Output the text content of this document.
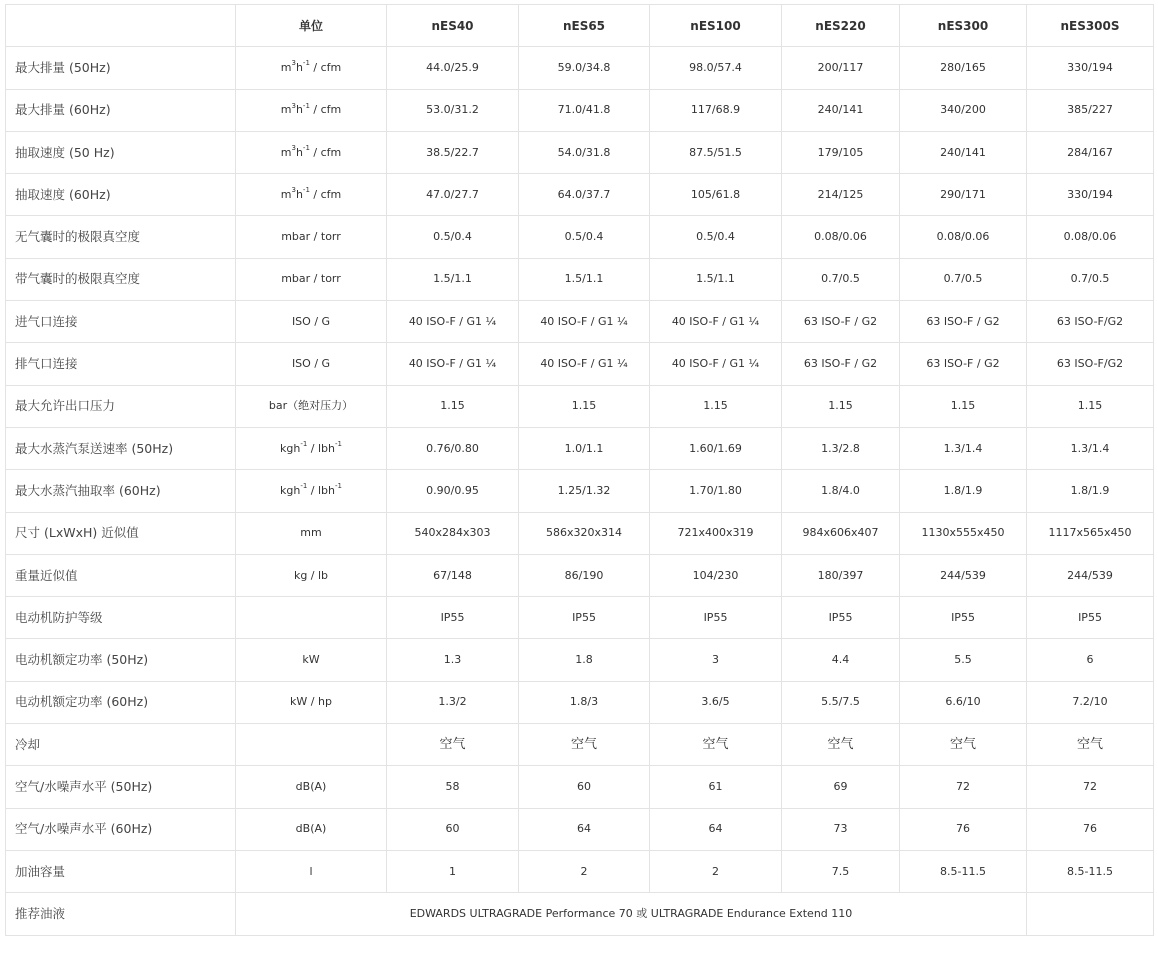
	单位	nES40	nES65	nES100	nES220	nES300	nES300S
最大排量 (50Hz)	$m^3h^{-1}$ / cfm	44.0/25.9	59.0/34.8	98.0/57.4	200/117	280/165	330/194
最大排量 (60Hz)	$m^3h^{-1}$ / cfm	53.0/31.2	71.0/41.8	117/68.9	240/141	340/200	385/227
抽取速度 (50 Hz)	$m^3h^{-1}$ / cfm	38.5/22.7	54.0/31.8	87.5/51.5	179/105	240/141	284/167
抽取速度 (60Hz)	$m^3h^{-1}$ / cfm	47.0/27.7	64.0/37.7	105/61.8	214/125	290/171	330/194
无气囊时的极限真空度	mbar / torr	0.5/0.4	0.5/0.4	0.5/0.4	0.08/0.06	0.08/0.06	0.08/0.06
带气囊时的极限真空度	mbar / torr	1.5/1.1	1.5/1.1	1.5/1.1	0.7/0.5	0.7/0.5	0.7/0.5
进气口连接	ISO / G	40 ISO-F / G1 ¼	40 ISO-F / G1 ¼	40 ISO-F / G1 ¼	63 ISO-F / G2	63 ISO-F / G2	63 ISO-F/G2
排气口连接	ISO / G	40 ISO-F / G1 ¼	40 ISO-F / G1 ¼	40 ISO-F / G1 ¼	63 ISO-F / G2	63 ISO-F / G2	63 ISO-F/G2
最大允许出口压力	bar（绝对压力）	1.15	1.15	1.15	1.15	1.15	1.15
最大水蒸汽泵送速率 (50Hz)	kgh$^{-1}$ / lbh$^{-1}$	0.76/0.80	1.0/1.1	1.60/1.69	1.3/2.8	1.3/1.4	1.3/1.4
最大水蒸汽抽取率 (60Hz)	kgh$^{-1}$ / lbh$^{-1}$	0.90/0.95	1.25/1.32	1.70/1.80	1.8/4.0	1.8/1.9	1.8/1.9
尺寸 (LxWxH) 近似值	mm	540x284x303	586x320x314	721x400x319	984x606x407	1130x555x450	1117x565x450
重量近似值	kg / lb	67/148	86/190	104/230	180/397	244/539	244/539
电动机防护等级		IP55	IP55	IP55	IP55	IP55	IP55
电动机额定功率 (50Hz)	kW	1.3	1.8	3	4.4	5.5	6
电动机额定功率 (60Hz)	kW / hp	1.3/2	1.8/3	3.6/5	5.5/7.5	6.6/10	7.2/10
冷却		空气	空气	空气	空气	空气	空气
空气/水噪声水平 (50Hz)	dB(A)	58	60	61	69	72	72
空气/水噪声水平 (60Hz)	dB(A)	60	64	64	73	76	76
加油容量	l	1	2	2	7.5	8.5-11.5	8.5-11.5
推荐油液	EDWARDS ULTRAGRADE Performance 70 或 ULTRAGRADE Endurance Extend 110						
